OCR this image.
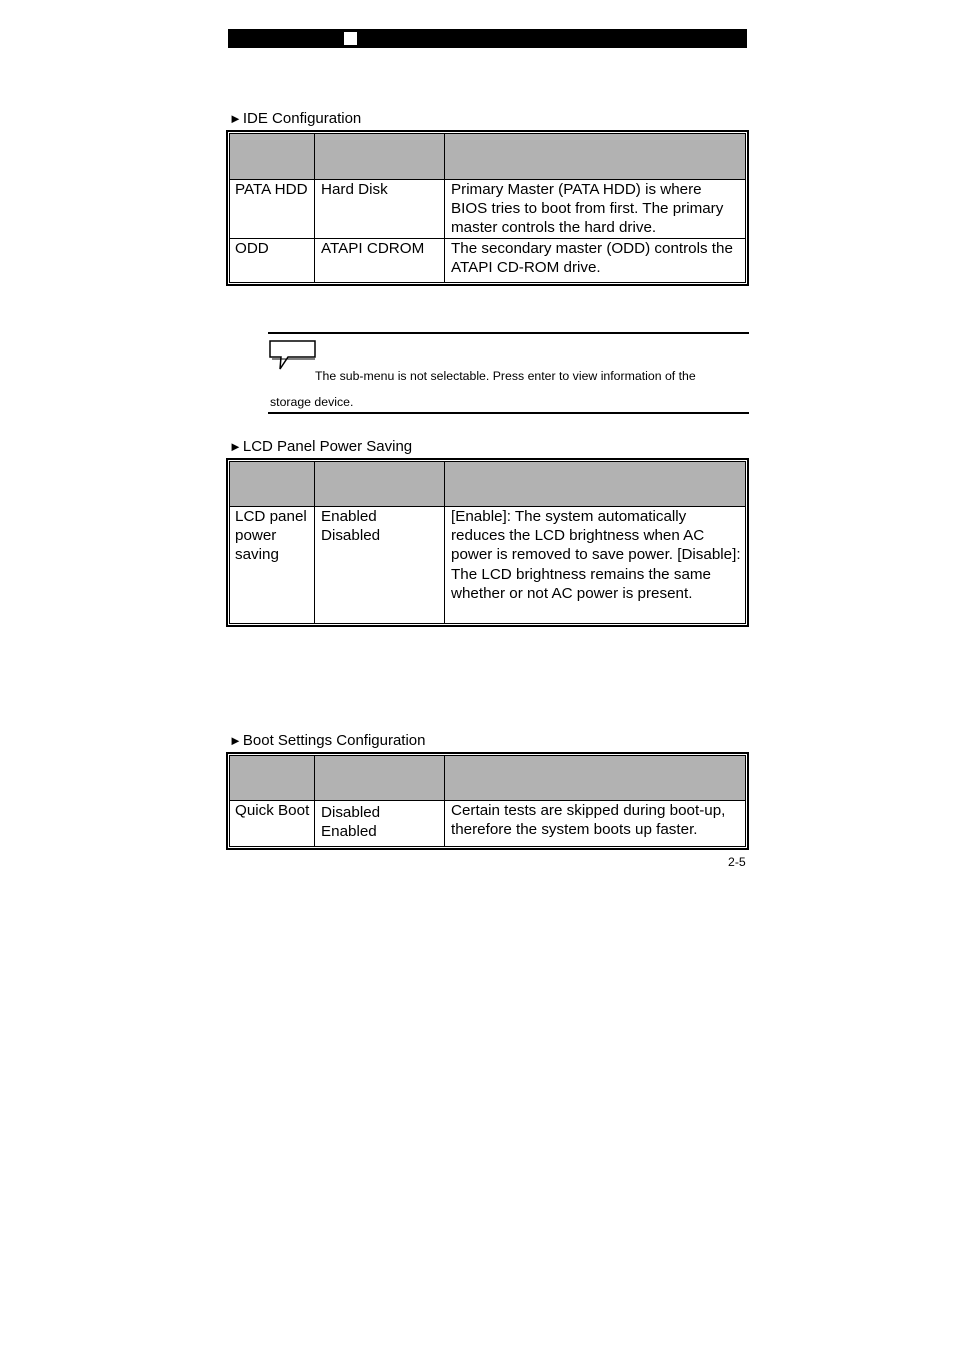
►IDE Configuration

PATA HDD	Hard Disk	Primary Master (PATA HDD) is where BIOS tries to boot from first. The primary master controls the hard drive.
ODD	ATAPI CDROM	The secondary master (ODD) controls the ATAPI CD-ROM drive.
The sub-menu is not selectable. Press enter to view information of the
storage device.
►LCD Panel Power Saving

LCD panel power saving	Enabled Disabled	[Enable]: The system automatically reduces the LCD brightness when AC power is removed to save power. [Disable]: The LCD brightness remains the same whether or not AC power is present.
►Boot Settings Configuration

Quick Boot	Disabled Enabled	Certain tests are skipped during boot-up, therefore the system boots up faster.
2-5
